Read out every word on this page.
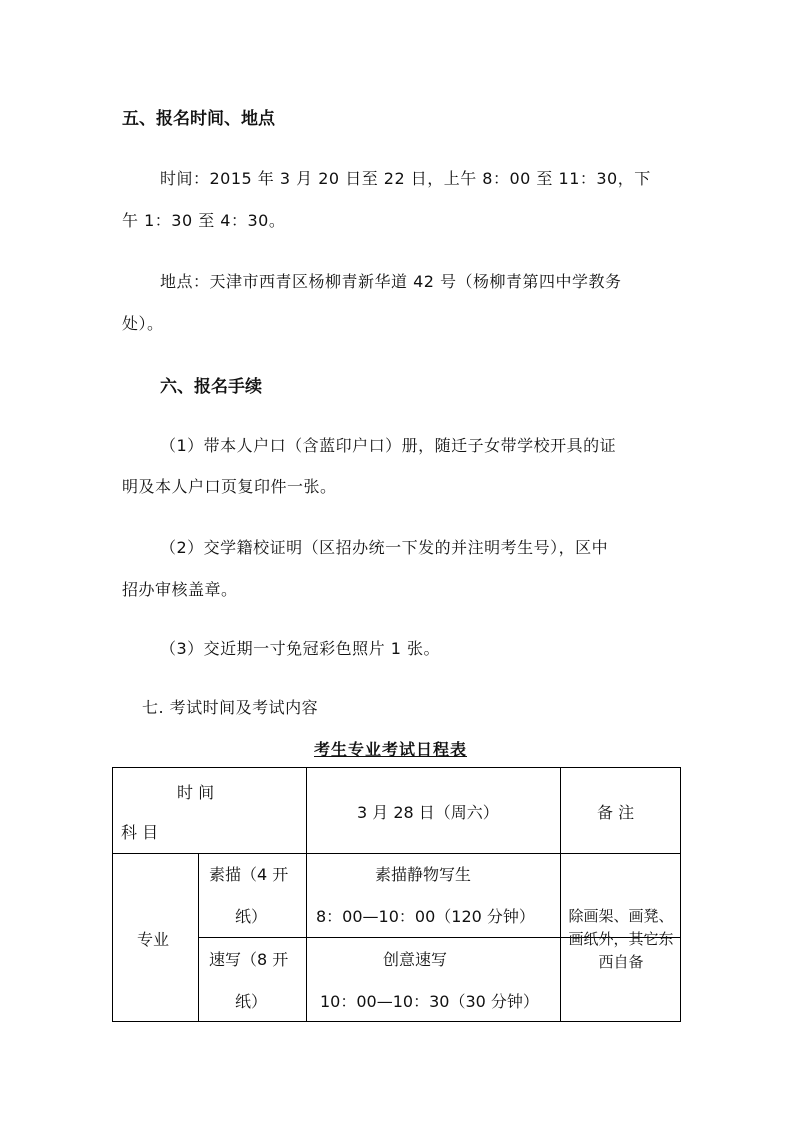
五、报名时间、地点
时间：2015 年 3 月 20 日至 22 日，上午 8：00 至 11：30，下
午 1：30 至 4：30。
地点：天津市西青区杨柳青新华道 42 号（杨柳青第四中学教务
处）。
六、报名手续
（1）带本人户口（含蓝印户口）册，随迁子女带学校开具的证
明及本人户口页复印件一张。
（2）交学籍校证明（区招办统一下发的并注明考生号），区中
招办审核盖章。
（3）交近期一寸免冠彩色照片 1 张。
七. 考试时间及考试内容
考生专业考试日程表
时 间
科 目
3 月 28 日（周六）	备 注
专业
素描（4 开
纸）
素描静物写生
8：00—10：00（120 分钟）
速写（8 开
纸）
创意速写
10：00—10：30（30 分钟）
除画架、画凳、
画纸外，其它东
西自备
